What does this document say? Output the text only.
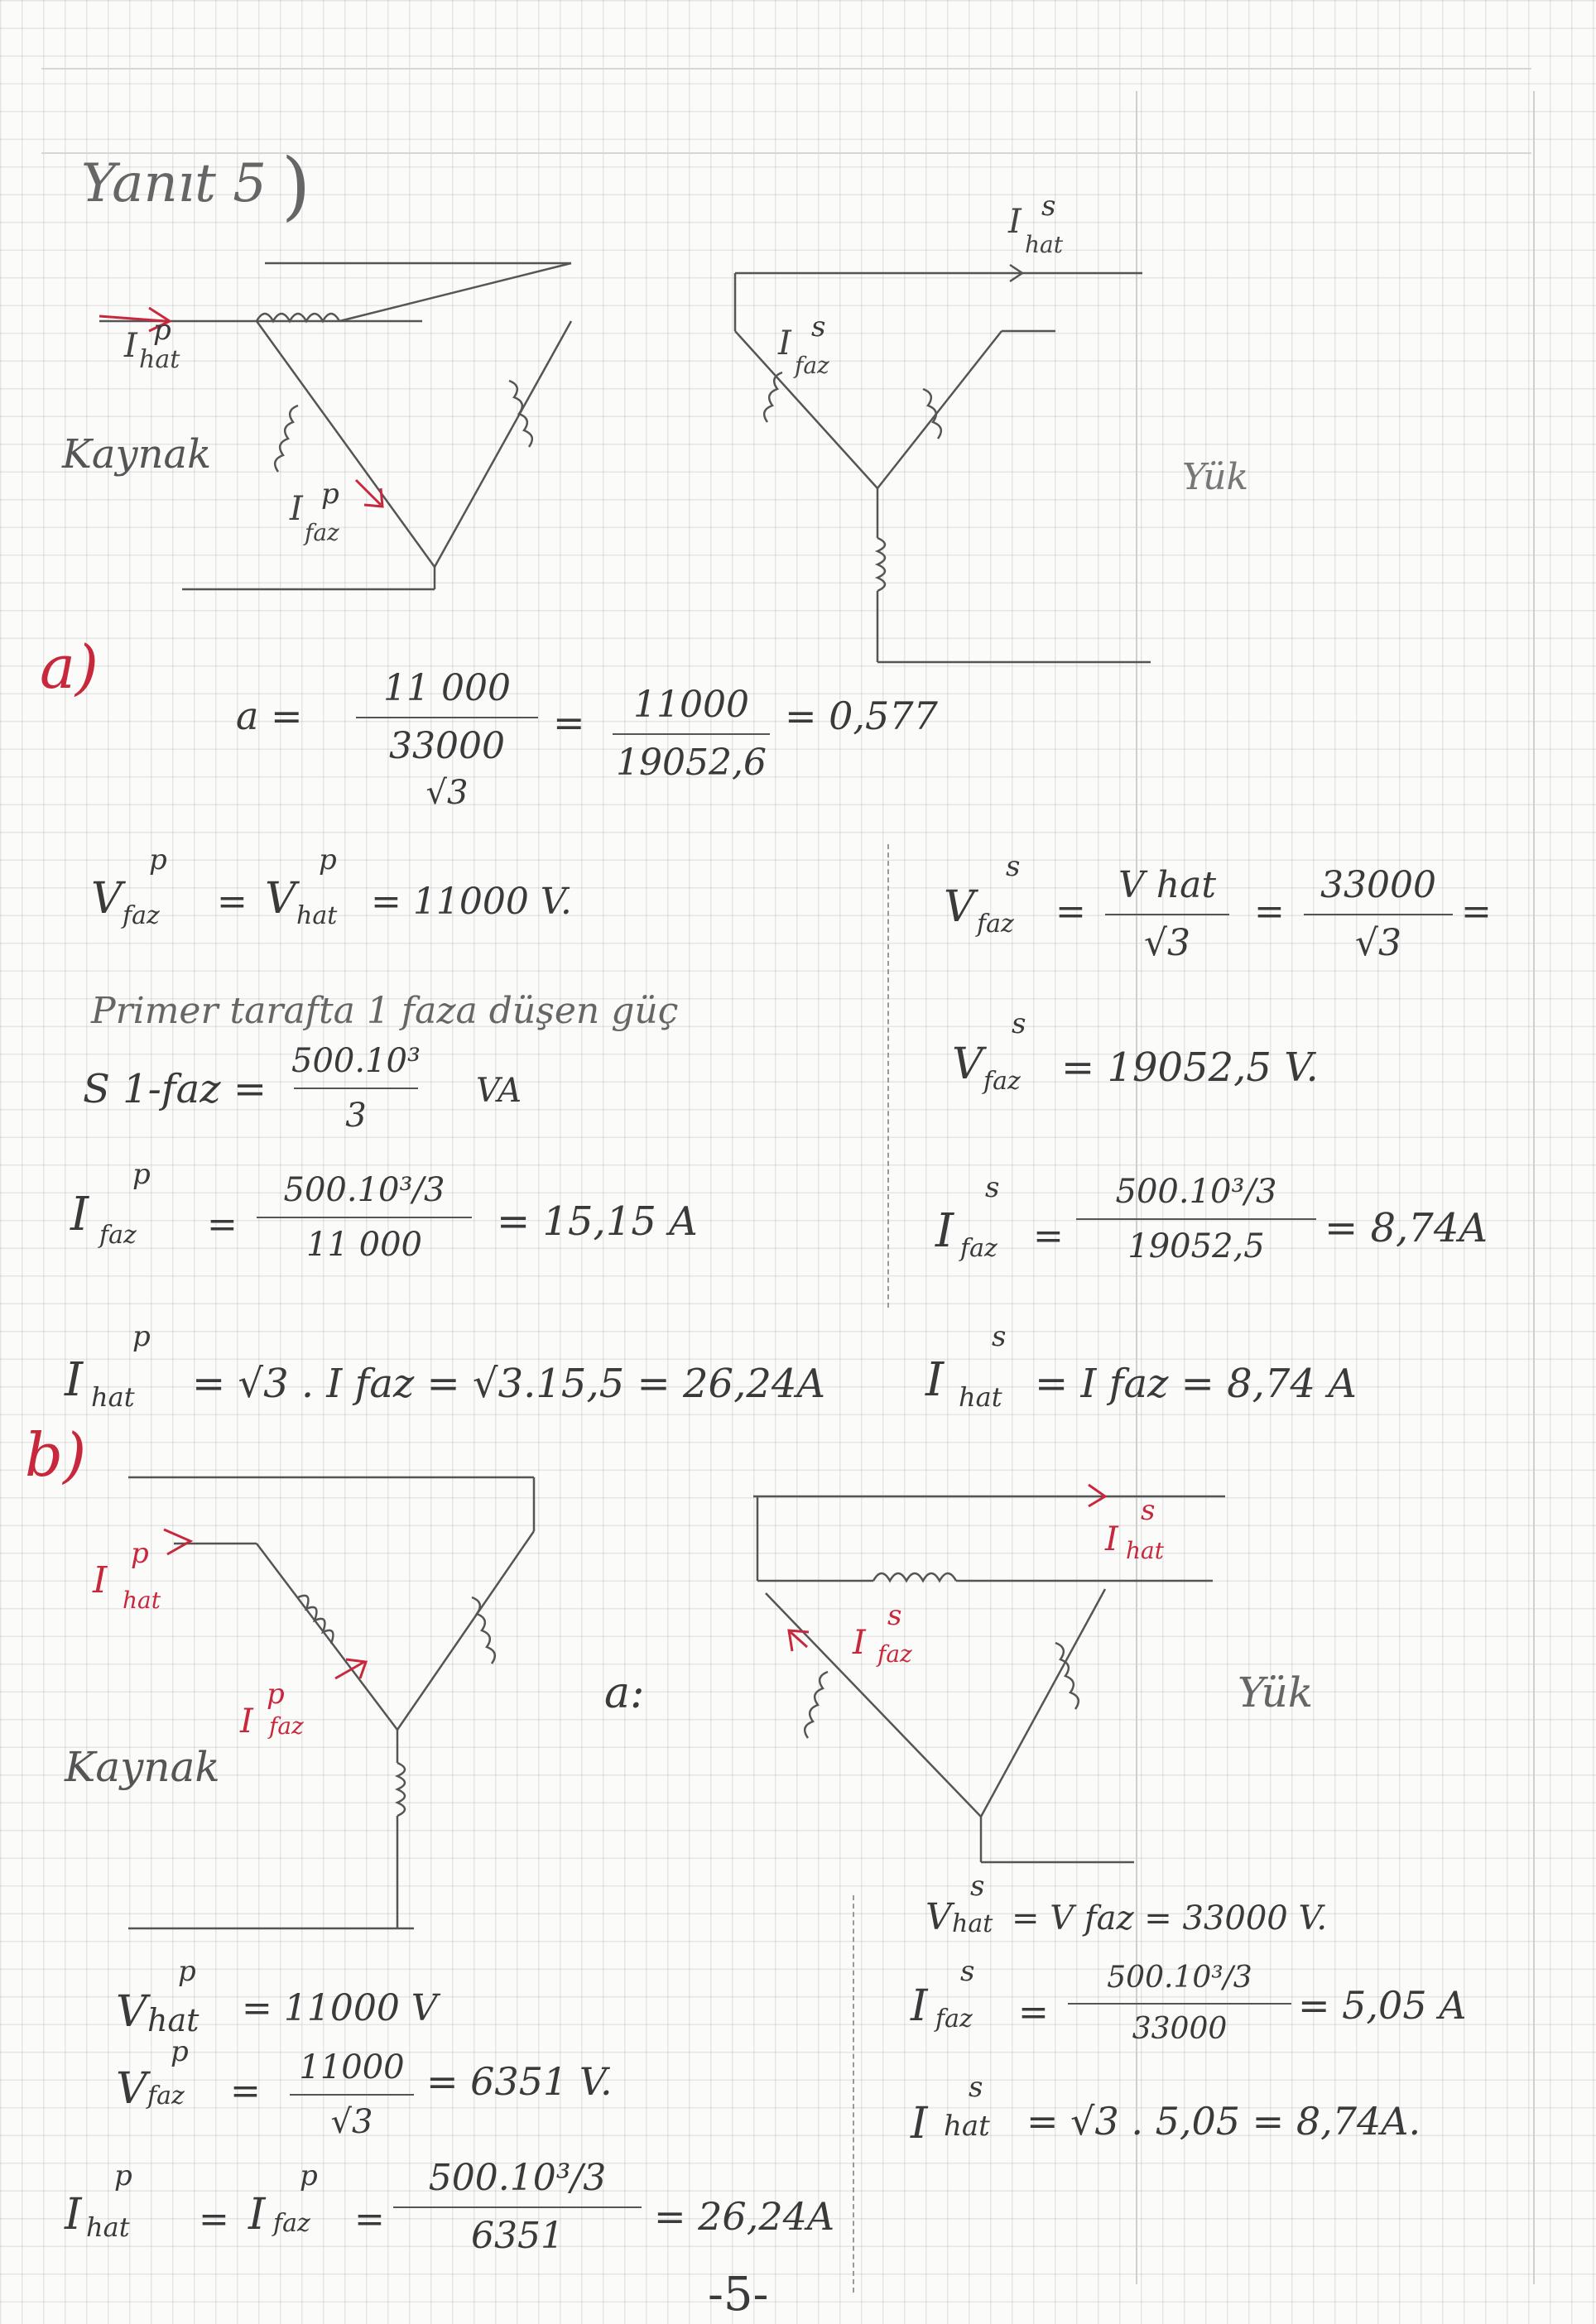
Yanıt 5 )
I p
hat
I p
faz
Kaynak
I s
hat
I s
faz
Yük
a)
a =
11 000
33000
√3
= 11000
19052,6
= 0,577
V
p
faz = V
p
hat = 11000 V.
Primer tarafta 1 faza düşen güç
S 1-faz =
500.10³
3
VA
I
p
faz =
500.10³/3
11 000 = 15,15 A
I
p
hat = √3 . I faz = √3.15,5 = 26,24A
V
s
faz =
V hat
√3
=
33000
√3
=
V
s
faz = 19052,5 V.
I
s
faz =
500.10³/3
19052,5 = 8,74A
I
s
hat = I faz = 8,74 A
b)
I
p
hat
I
p
faz
Kaynak
a:
I
s
hat
I
s
faz
Yük
V
p
hat = 11000 V
V
p
faz =
11000
√3
= 6351 V.
I
p
hat = I
p
faz =
500.10³/3
6351 = 26,24A
V
s
hat = V faz = 33000 V.
I
s
faz =
500.10³/3
33000
= 5,05 A
I
s
hat = √3 . 5,05 = 8,74A.
-5-
